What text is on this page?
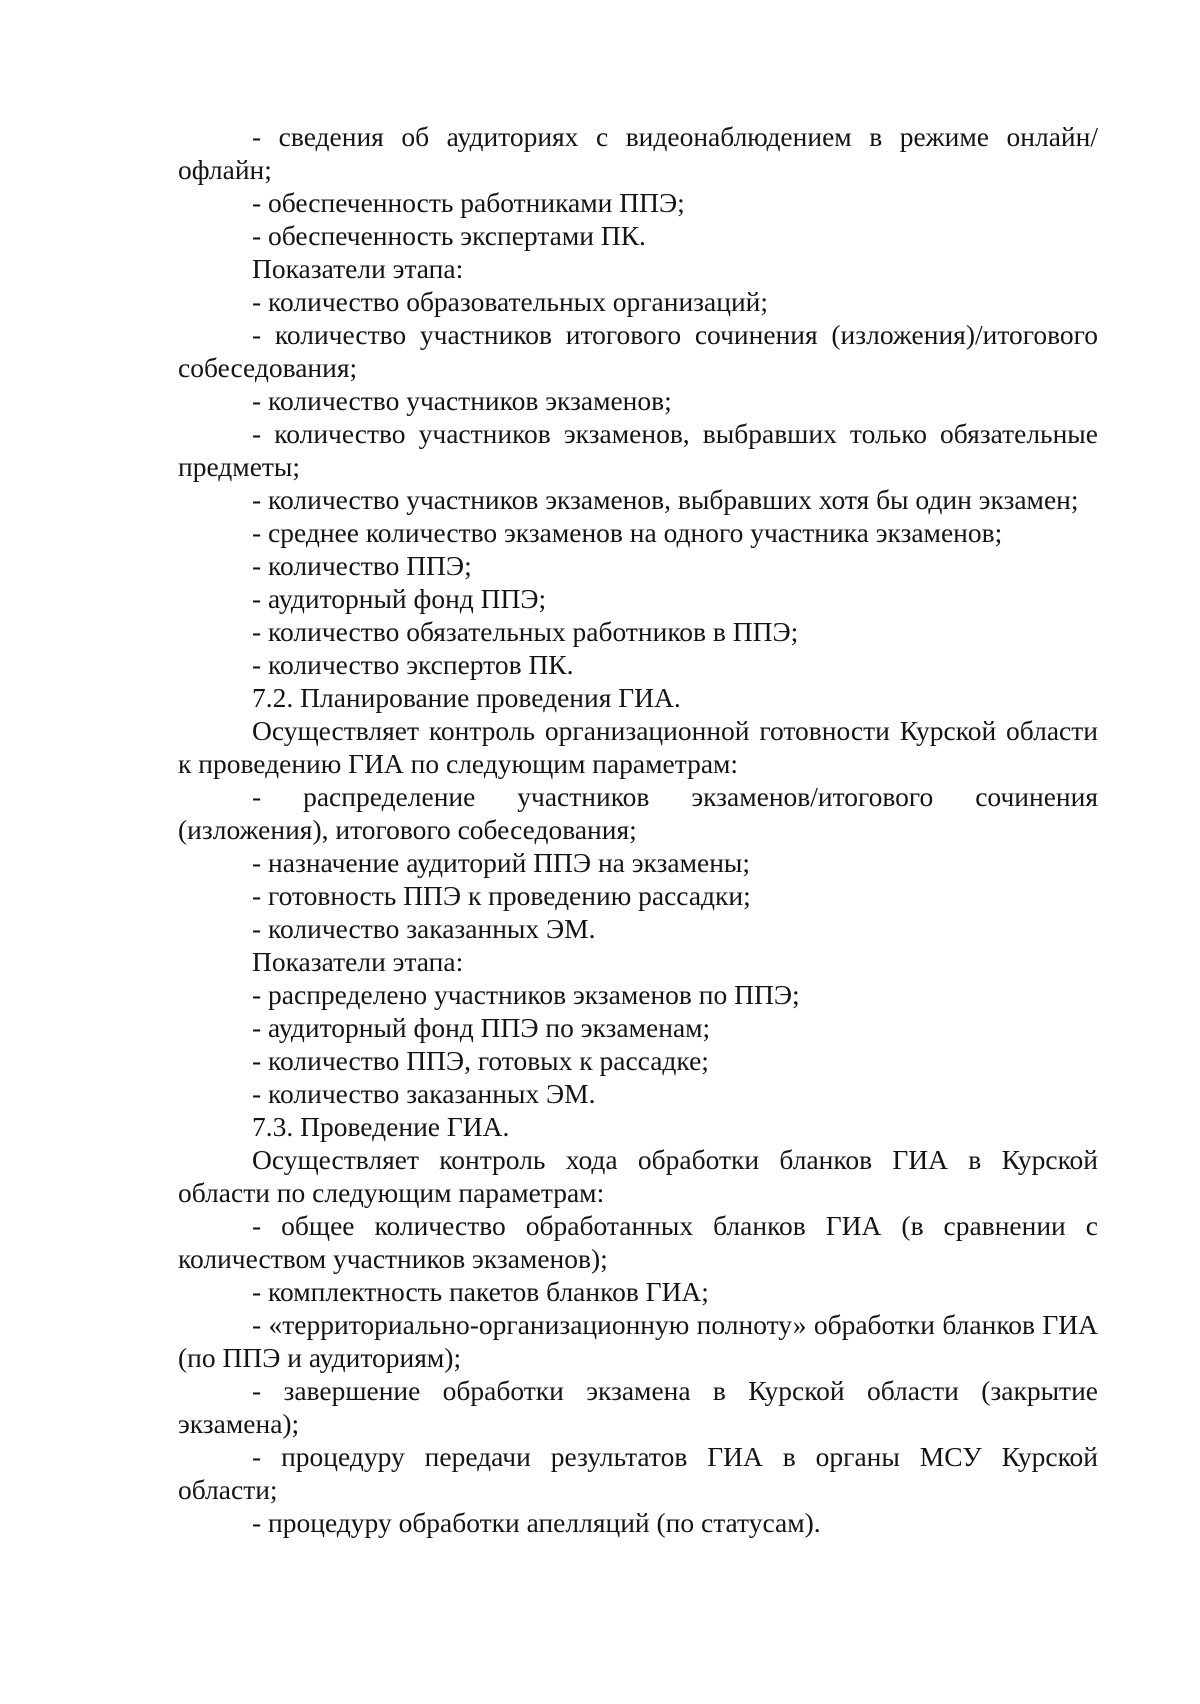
- сведения об аудиториях с видеонаблюдением в режиме онлайн/офлайн;

- обеспеченность работниками ППЭ;

- обеспеченность экспертами ПК.

Показатели этапа:

- количество образовательных организаций;

- количество участников итогового сочинения (изложения)/итогового собеседования;

- количество участников экзаменов;

- количество участников экзаменов, выбравших только обязательные предметы;

- количество участников экзаменов, выбравших хотя бы один экзамен;

- среднее количество экзаменов на одного участника экзаменов;

- количество ППЭ;

- аудиторный фонд ППЭ;

- количество обязательных работников в ППЭ;

- количество экспертов ПК.

7.2. Планирование проведения ГИА.

Осуществляет контроль организационной готовности Курской области к проведению ГИА по следующим параметрам:

- распределение участников экзаменов/итогового сочинения (изложения), итогового собеседования;

- назначение аудиторий ППЭ на экзамены;

- готовность ППЭ к проведению рассадки;

- количество заказанных ЭМ.

Показатели этапа:

- распределено участников экзаменов по ППЭ;

- аудиторный фонд ППЭ по экзаменам;

- количество ППЭ, готовых к рассадке;

- количество заказанных ЭМ.

7.3. Проведение ГИА.

Осуществляет контроль хода обработки бланков ГИА в Курской области по следующим параметрам:

- общее количество обработанных бланков ГИА (в сравнении с количеством участников экзаменов);

- комплектность пакетов бланков ГИА;

- «территориально-организационную полноту» обработки бланков ГИА (по ППЭ и аудиториям);

- завершение обработки экзамена в Курской области (закрытие экзамена);

- процедуру передачи результатов ГИА в органы МСУ Курской области;

- процедуру обработки апелляций (по статусам).
